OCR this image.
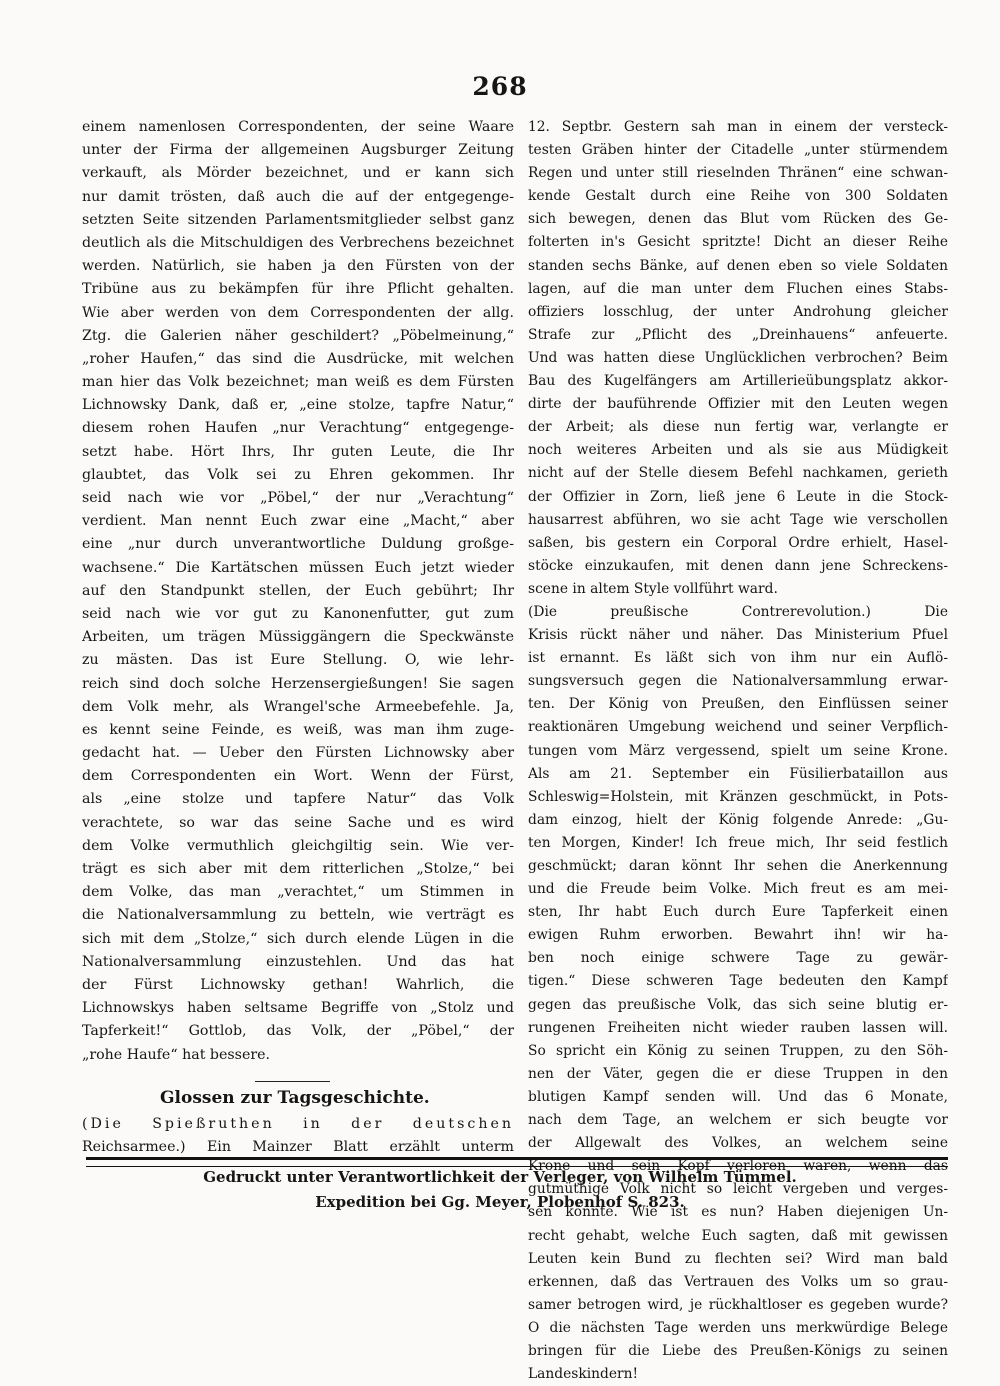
268
einem namenlosen Correspondenten, der seine Waare
unter der Firma der allgemeinen Augsburger Zeitung
verkauft, als Mörder bezeichnet, und er kann sich
nur damit trösten, daß auch die auf der entgegenge-
setzten Seite sitzenden Parlamentsmitglieder selbst ganz
deutlich als die Mitschuldigen des Verbrechens bezeichnet
werden. Natürlich, sie haben ja den Fürsten von der
Tribüne aus zu bekämpfen für ihre Pflicht gehalten.
Wie aber werden von dem Correspondenten der allg.
Ztg. die Galerien näher geschildert? „Pöbelmeinung,“
„roher Haufen,“ das sind die Ausdrücke, mit welchen
man hier das Volk bezeichnet; man weiß es dem Fürsten
Lichnowsky Dank, daß er, „eine stolze, tapfre Natur,“
diesem rohen Haufen „nur Verachtung“ entgegenge-
setzt habe. Hört Ihrs, Ihr guten Leute, die Ihr
glaubtet, das Volk sei zu Ehren gekommen. Ihr
seid nach wie vor „Pöbel,“ der nur „Verachtung“
verdient. Man nennt Euch zwar eine „Macht,“ aber
eine „nur durch unverantwortliche Duldung großge-
wachsene.“ Die Kartätschen müssen Euch jetzt wieder
auf den Standpunkt stellen, der Euch gebührt; Ihr
seid nach wie vor gut zu Kanonenfutter, gut zum
Arbeiten, um trägen Müssiggängern die Speckwänste
zu mästen. Das ist Eure Stellung. O, wie lehr-
reich sind doch solche Herzensergießungen! Sie sagen
dem Volk mehr, als Wrangel'sche Armeebefehle. Ja,
es kennt seine Feinde, es weiß, was man ihm zuge-
gedacht hat. — Ueber den Fürsten Lichnowsky aber
dem Correspondenten ein Wort. Wenn der Fürst,
als „eine stolze und tapfere Natur“ das Volk
verachtete, so war das seine Sache und es wird
dem Volke vermuthlich gleichgiltig sein. Wie ver-
trägt es sich aber mit dem ritterlichen „Stolze,“ bei
dem Volke, das man „verachtet,“ um Stimmen in
die Nationalversammlung zu betteln, wie verträgt es
sich mit dem „Stolze,“ sich durch elende Lügen in die
Nationalversammlung einzustehlen. Und das hat
der Fürst Lichnowsky gethan! Wahrlich, die
Lichnowskys haben seltsame Begriffe von „Stolz und
Tapferkeit!“ Gottlob, das Volk, der „Pöbel,“ der
„rohe Haufe“ hat bessere.
Glossen zur Tagsgeschichte.
(Die Spießruthen in der deutschen
Reichsarmee.) Ein Mainzer Blatt erzählt unterm
12. Septbr. Gestern sah man in einem der versteck-
testen Gräben hinter der Citadelle „unter stürmendem
Regen und unter still rieselnden Thränen“ eine schwan-
kende Gestalt durch eine Reihe von 300 Soldaten
sich bewegen, denen das Blut vom Rücken des Ge-
folterten in's Gesicht spritzte! Dicht an dieser Reihe
standen sechs Bänke, auf denen eben so viele Soldaten
lagen, auf die man unter dem Fluchen eines Stabs-
offiziers losschlug, der unter Androhung gleicher
Strafe zur „Pflicht des „Dreinhauens“ anfeuerte.
Und was hatten diese Unglücklichen verbrochen? Beim
Bau des Kugelfängers am Artillerieübungsplatz akkor-
dirte der bauführende Offizier mit den Leuten wegen
der Arbeit; als diese nun fertig war, verlangte er
noch weiteres Arbeiten und als sie aus Müdigkeit
nicht auf der Stelle diesem Befehl nachkamen, gerieth
der Offizier in Zorn, ließ jene 6 Leute in die Stock-
hausarrest abführen, wo sie acht Tage wie verschollen
saßen, bis gestern ein Corporal Ordre erhielt, Hasel-
stöcke einzukaufen, mit denen dann jene Schreckens-
scene in altem Style vollführt ward.
(Die preußische Contrerevolution.) Die
Krisis rückt näher und näher. Das Ministerium Pfuel
ist ernannt. Es läßt sich von ihm nur ein Auflö-
sungsversuch gegen die Nationalversammlung erwar-
ten. Der König von Preußen, den Einflüssen seiner
reaktionären Umgebung weichend und seiner Verpflich-
tungen vom März vergessend, spielt um seine Krone.
Als am 21. September ein Füsilierbataillon aus
Schleswig=Holstein, mit Kränzen geschmückt, in Pots-
dam einzog, hielt der König folgende Anrede: „Gu-
ten Morgen, Kinder! Ich freue mich, Ihr seid festlich
geschmückt; daran könnt Ihr sehen die Anerkennung
und die Freude beim Volke. Mich freut es am mei-
sten, Ihr habt Euch durch Eure Tapferkeit einen
ewigen Ruhm erworben. Bewahrt ihn! wir ha-
ben noch einige schwere Tage zu gewär-
tigen.“ Diese schweren Tage bedeuten den Kampf
gegen das preußische Volk, das sich seine blutig er-
rungenen Freiheiten nicht wieder rauben lassen will.
So spricht ein König zu seinen Truppen, zu den Söh-
nen der Väter, gegen die er diese Truppen in den
blutigen Kampf senden will. Und das 6 Monate,
nach dem Tage, an welchem er sich beugte vor
der Allgewalt des Volkes, an welchem seine
Krone und sein Kopf verloren waren, wenn das
gutmüthige Volk nicht so leicht vergeben und verges-
sen könnte. Wie ist es nun? Haben diejenigen Un-
recht gehabt, welche Euch sagten, daß mit gewissen
Leuten kein Bund zu flechten sei? Wird man bald
erkennen, daß das Vertrauen des Volks um so grau-
samer betrogen wird, je rückhaltloser es gegeben wurde?
O die nächsten Tage werden uns merkwürdige Belege
bringen für die Liebe des Preußen-Königs zu seinen
Landeskindern!
Gedruckt unter Verantwortlichkeit der Verleger, von Wilhelm Tümmel.
Expedition bei Gg. Meyer, Plobenhof S. 823.
